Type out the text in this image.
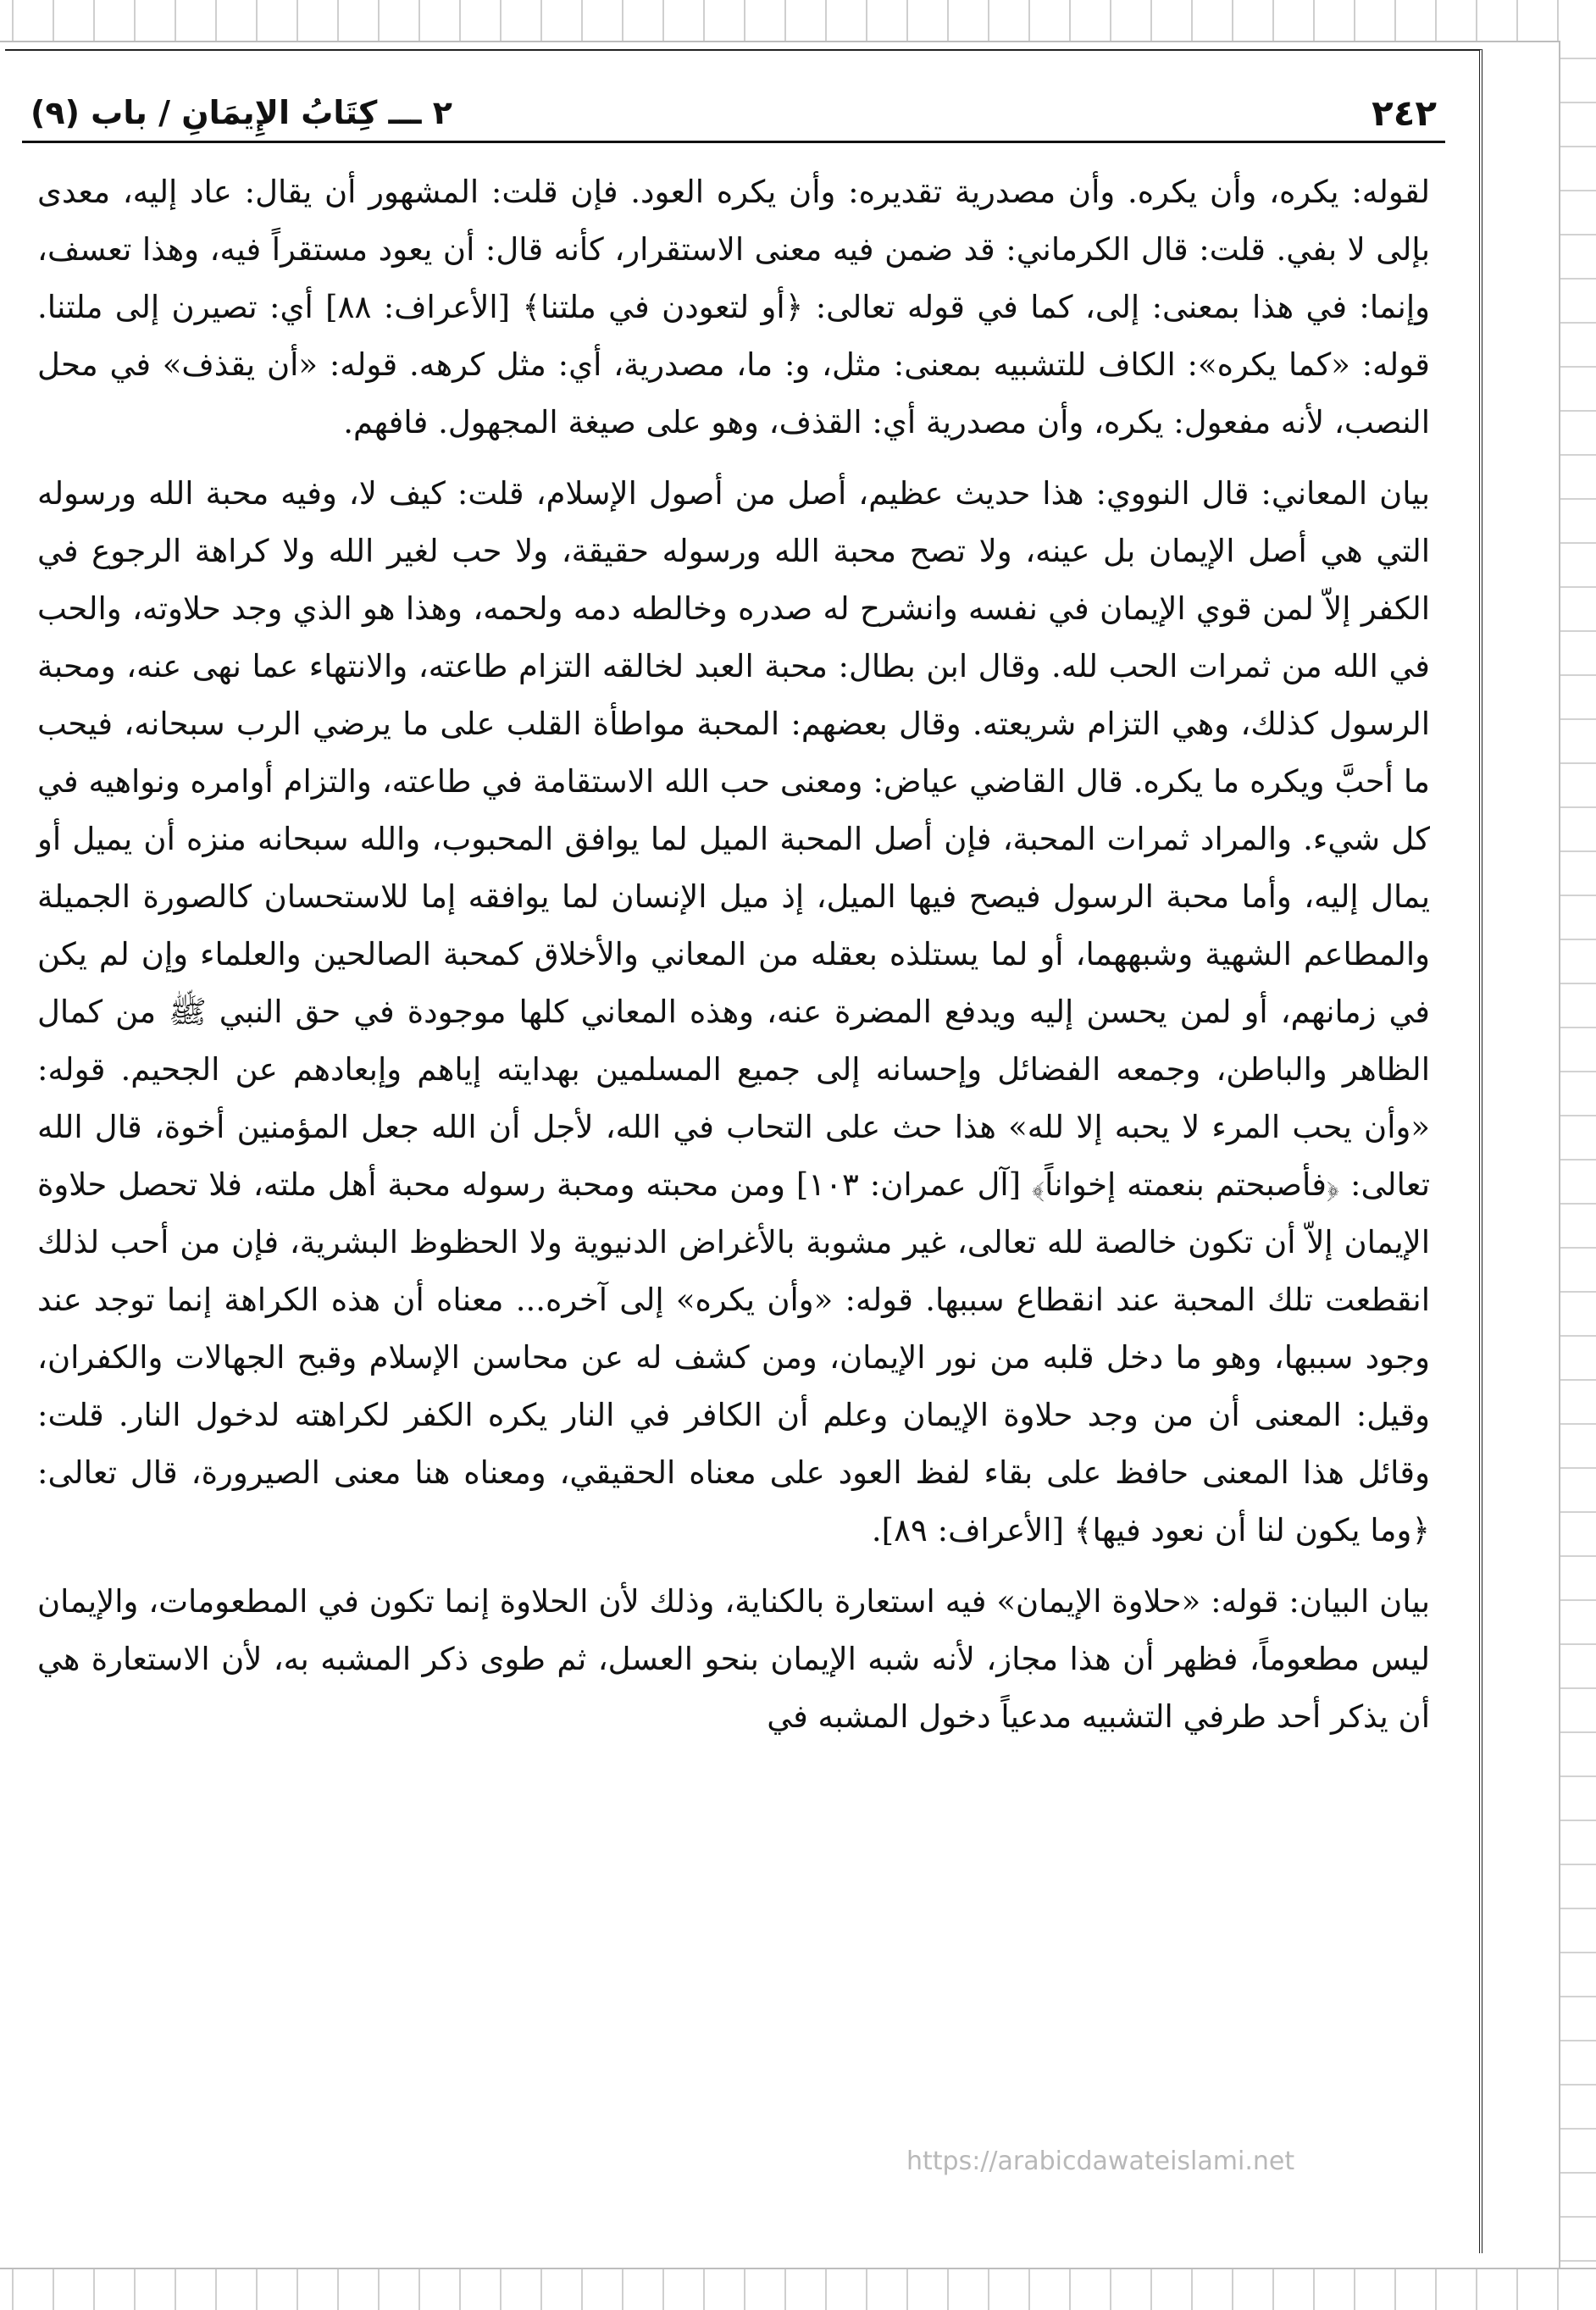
٢٤٢
٢ ـــ كِتَابُ الإِيمَانِ / باب (٩)

لقوله: يكره، وأن يكره. وأن مصدرية تقديره: وأن يكره العود. فإن قلت: المشهور أن يقال: عاد إليه، معدى بإلى لا بفي. قلت: قال الكرماني: قد ضمن فيه معنى الاستقرار، كأنه قال: أن يعود مستقراً فيه، وهذا تعسف، وإنما: في هذا بمعنى: إلى، كما في قوله تعالى: ﴿أو لتعودن في ملتنا﴾ [الأعراف: ٨٨] أي: تصيرن إلى ملتنا. قوله: «كما يكره»: الكاف للتشبيه بمعنى: مثل، و: ما، مصدرية، أي: مثل كرهه. قوله: «أن يقذف» في محل النصب، لأنه مفعول: يكره، وأن مصدرية أي: القذف، وهو على صيغة المجهول. فافهم.

بيان المعاني: قال النووي: هذا حديث عظيم، أصل من أصول الإسلام، قلت: كيف لا، وفيه محبة الله ورسوله التي هي أصل الإيمان بل عينه، ولا تصح محبة الله ورسوله حقيقة، ولا حب لغير الله ولا كراهة الرجوع في الكفر إلاّ لمن قوي الإيمان في نفسه وانشرح له صدره وخالطه دمه ولحمه، وهذا هو الذي وجد حلاوته، والحب في الله من ثمرات الحب لله. وقال ابن بطال: محبة العبد لخالقه التزام طاعته، والانتهاء عما نهى عنه، ومحبة الرسول كذلك، وهي التزام شريعته. وقال بعضهم: المحبة مواطأة القلب على ما يرضي الرب سبحانه، فيحب ما أحبَّ ويكره ما يكره. قال القاضي عياض: ومعنى حب الله الاستقامة في طاعته، والتزام أوامره ونواهيه في كل شيء. والمراد ثمرات المحبة، فإن أصل المحبة الميل لما يوافق المحبوب، والله سبحانه منزه أن يميل أو يمال إليه، وأما محبة الرسول فيصح فيها الميل، إذ ميل الإنسان لما يوافقه إما للاستحسان كالصورة الجميلة والمطاعم الشهية وشبههما، أو لما يستلذه بعقله من المعاني والأخلاق كمحبة الصالحين والعلماء وإن لم يكن في زمانهم، أو لمن يحسن إليه ويدفع المضرة عنه، وهذه المعاني كلها موجودة في حق النبي ﷺ من كمال الظاهر والباطن، وجمعه الفضائل وإحسانه إلى جميع المسلمين بهدايته إياهم وإبعادهم عن الجحيم. قوله: «وأن يحب المرء لا يحبه إلا لله» هذا حث على التحاب في الله، لأجل أن الله جعل المؤمنين أخوة، قال الله تعالى: ﴿فأصبحتم بنعمته إخواناً﴾ [آل عمران: ١٠٣] ومن محبته ومحبة رسوله محبة أهل ملته، فلا تحصل حلاوة الإيمان إلاّ أن تكون خالصة لله تعالى، غير مشوبة بالأغراض الدنيوية ولا الحظوظ البشرية، فإن من أحب لذلك انقطعت تلك المحبة عند انقطاع سببها. قوله: «وأن يكره» إلى آخره... معناه أن هذه الكراهة إنما توجد عند وجود سببها، وهو ما دخل قلبه من نور الإيمان، ومن كشف له عن محاسن الإسلام وقبح الجهالات والكفران، وقيل: المعنى أن من وجد حلاوة الإيمان وعلم أن الكافر في النار يكره الكفر لكراهته لدخول النار. قلت: وقائل هذا المعنى حافظ على بقاء لفظ العود على معناه الحقيقي، ومعناه هنا معنى الصيرورة، قال تعالى: ﴿وما يكون لنا أن نعود فيها﴾ [الأعراف: ٨٩].

بيان البيان: قوله: «حلاوة الإيمان» فيه استعارة بالكناية، وذلك لأن الحلاوة إنما تكون في المطعومات، والإيمان ليس مطعوماً، فظهر أن هذا مجاز، لأنه شبه الإيمان بنحو العسل، ثم طوى ذكر المشبه به، لأن الاستعارة هي أن يذكر أحد طرفي التشبيه مدعياً دخول المشبه في

https://arabicdawateislami.net
